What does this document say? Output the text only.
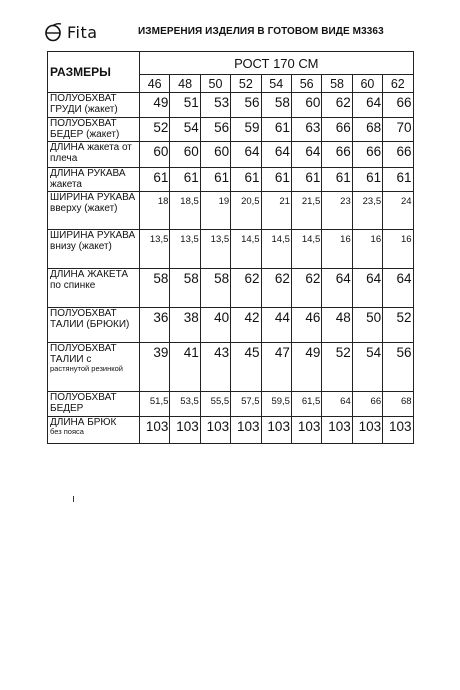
Fita	ИЗМЕРЕНИЯ ИЗДЕЛИЯ В ГОТОВОМ ВИДЕ М3363
РАЗМЕРЫ	РОСТ 170 СМ								
	46	48	50	52	54	56	58	60	62
ПОЛУОБХВАТ ГРУДИ (жакет)	49	51	53	56	58	60	62	64	66
ПОЛУОБХВАТ БЕДЕР (жакет)	52	54	56	59	61	63	66	68	70
ДЛИНА жакета от плеча	60	60	60	64	64	64	66	66	66
ДЛИНА РУКАВА жакета	61	61	61	61	61	61	61	61	61
ШИРИНА РУКАВА вверху (жакет)	18	18,5	19	20,5	21	21,5	23	23,5	24
ШИРИНА РУКАВА внизу (жакет)	13,5	13,5	13,5	14,5	14,5	14,5	16	16	16
ДЛИНА ЖАКЕТА по спинке	58	58	58	62	62	62	64	64	64
ПОЛУОБХВАТ ТАЛИИ (БРЮКИ)	36	38	40	42	44	46	48	50	52
ПОЛУОБХВАТ ТАЛИИ с
растянутой резинкой	39	41	43	45	47	49	52	54	56
ПОЛУОБХВАТ БЕДЕР	51,5	53,5	55,5	57,5	59,5	61,5	64	66	68
ДЛИНА БРЮК
без пояса	103	103	103	103	103	103	103	103	103
